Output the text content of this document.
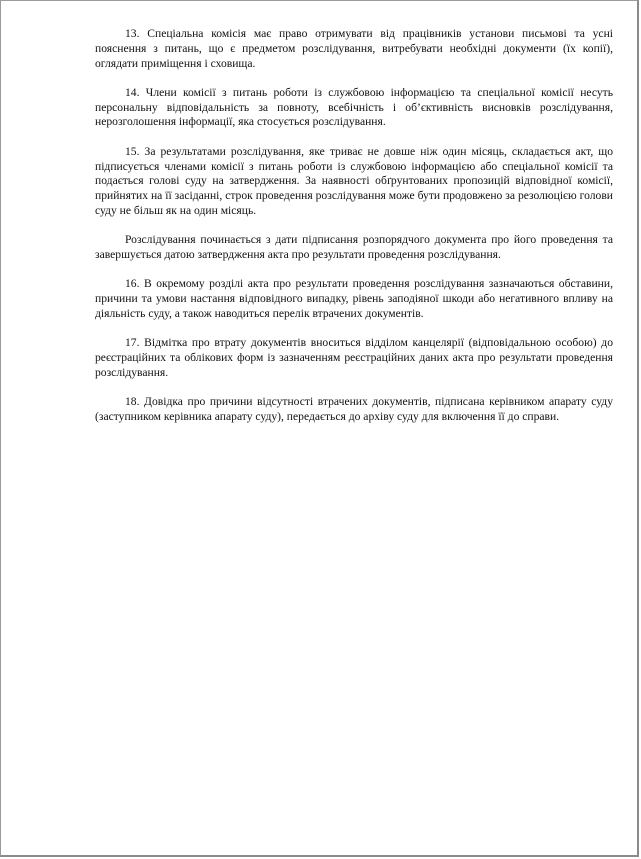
13. Спеціальна комісія має право отримувати від працівників установи письмові та усні пояснення з питань, що є предметом розслідування, витребувати необхідні документи (їх копії), оглядати приміщення і сховища.

14. Члени комісії з питань роботи із службовою інформацією та спеціальної комісії несуть персональну відповідальність за повноту, всебічність і об’єктивність висновків розслідування, нерозголошення інформації, яка стосується розслідування.

15. За результатами розслідування, яке триває не довше ніж один місяць, складається акт, що підписується членами комісії з питань роботи із службовою інформацією або спеціальної комісії та подається голові суду на затвердження. За наявності обґрунтованих пропозицій відповідної комісії, прийнятих на її засіданні, строк проведення розслідування може бути продовжено за резолюцією голови суду не більш як на один місяць.

Розслідування починається з дати підписання розпорядчого документа про його проведення та завершується датою затвердження акта про результати проведення розслідування.

16. В окремому розділі акта про результати проведення розслідування зазначаються обставини, причини та умови настання відповідного випадку, рівень заподіяної шкоди або негативного впливу на діяльність суду, а також наводиться перелік втрачених документів.

17. Відмітка про втрату документів вноситься відділом канцелярії (відповідальною особою) до реєстраційних та облікових форм із зазначенням реєстраційних даних акта про результати проведення розслідування.

18. Довідка про причини відсутності втрачених документів, підписана керівником апарату суду (заступником керівника апарату суду), передається до архіву суду для включення її до справи.
